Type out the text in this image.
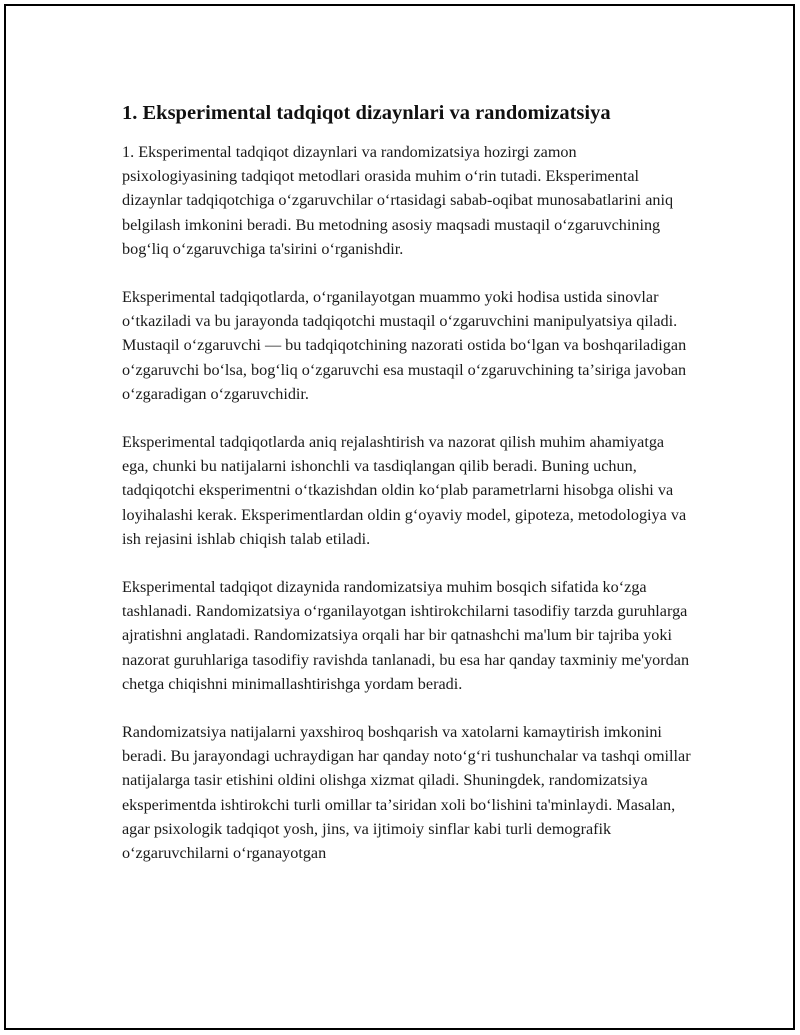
1. Eksperimental tadqiqot dizaynlari va randomizatsiya

1. Eksperimental tadqiqot dizaynlari va randomizatsiya hozirgi zamon psixologiyasining tadqiqot metodlari orasida muhim oʻrin tutadi. Eksperimental dizaynlar tadqiqotchiga oʻzgaruvchilar oʻrtasidagi sabab-oqibat munosabatlarini aniq belgilash imkonini beradi. Bu metodning asosiy maqsadi mustaqil oʻzgaruvchining bogʻliq oʻzgaruvchiga ta'sirini oʻrganishdir.

Eksperimental tadqiqotlarda, oʻrganilayotgan muammo yoki hodisa ustida sinovlar oʻtkaziladi va bu jarayonda tadqiqotchi mustaqil oʻzgaruvchini manipulyatsiya qiladi. Mustaqil oʻzgaruvchi — bu tadqiqotchining nazorati ostida boʻlgan va boshqariladigan oʻzgaruvchi boʻlsa, bogʻliq oʻzgaruvchi esa mustaqil oʻzgaruvchining taʼsiriga javoban oʻzgaradigan oʻzgaruvchidir.

Eksperimental tadqiqotlarda aniq rejalashtirish va nazorat qilish muhim ahamiyatga ega, chunki bu natijalarni ishonchli va tasdiqlangan qilib beradi. Buning uchun, tadqiqotchi eksperimentni oʻtkazishdan oldin koʻplab parametrlarni hisobga olishi va loyihalashi kerak. Eksperimentlardan oldin gʻoyaviy model, gipoteza, metodologiya va ish rejasini ishlab chiqish talab etiladi.

Eksperimental tadqiqot dizaynida randomizatsiya muhim bosqich sifatida koʻzga tashlanadi. Randomizatsiya oʻrganilayotgan ishtirokchilarni tasodifiy tarzda guruhlarga ajratishni anglatadi. Randomizatsiya orqali har bir qatnashchi ma'lum bir tajriba yoki nazorat guruhlariga tasodifiy ravishda tanlanadi, bu esa har qanday taxminiy me'yordan chetga chiqishni minimallashtirishga yordam beradi.

Randomizatsiya natijalarni yaxshiroq boshqarish va xatolarni kamaytirish imkonini beradi. Bu jarayondagi uchraydigan har qanday notoʻgʻri tushunchalar va tashqi omillar natijalarga tasir etishini oldini olishga xizmat qiladi. Shuningdek, randomizatsiya eksperimentda ishtirokchi turli omillar taʼsiridan xoli boʻlishini ta'minlaydi. Masalan, agar psixologik tadqiqot yosh, jins, va ijtimoiy sinflar kabi turli demografik oʻzgaruvchilarni oʻrganayotgan
